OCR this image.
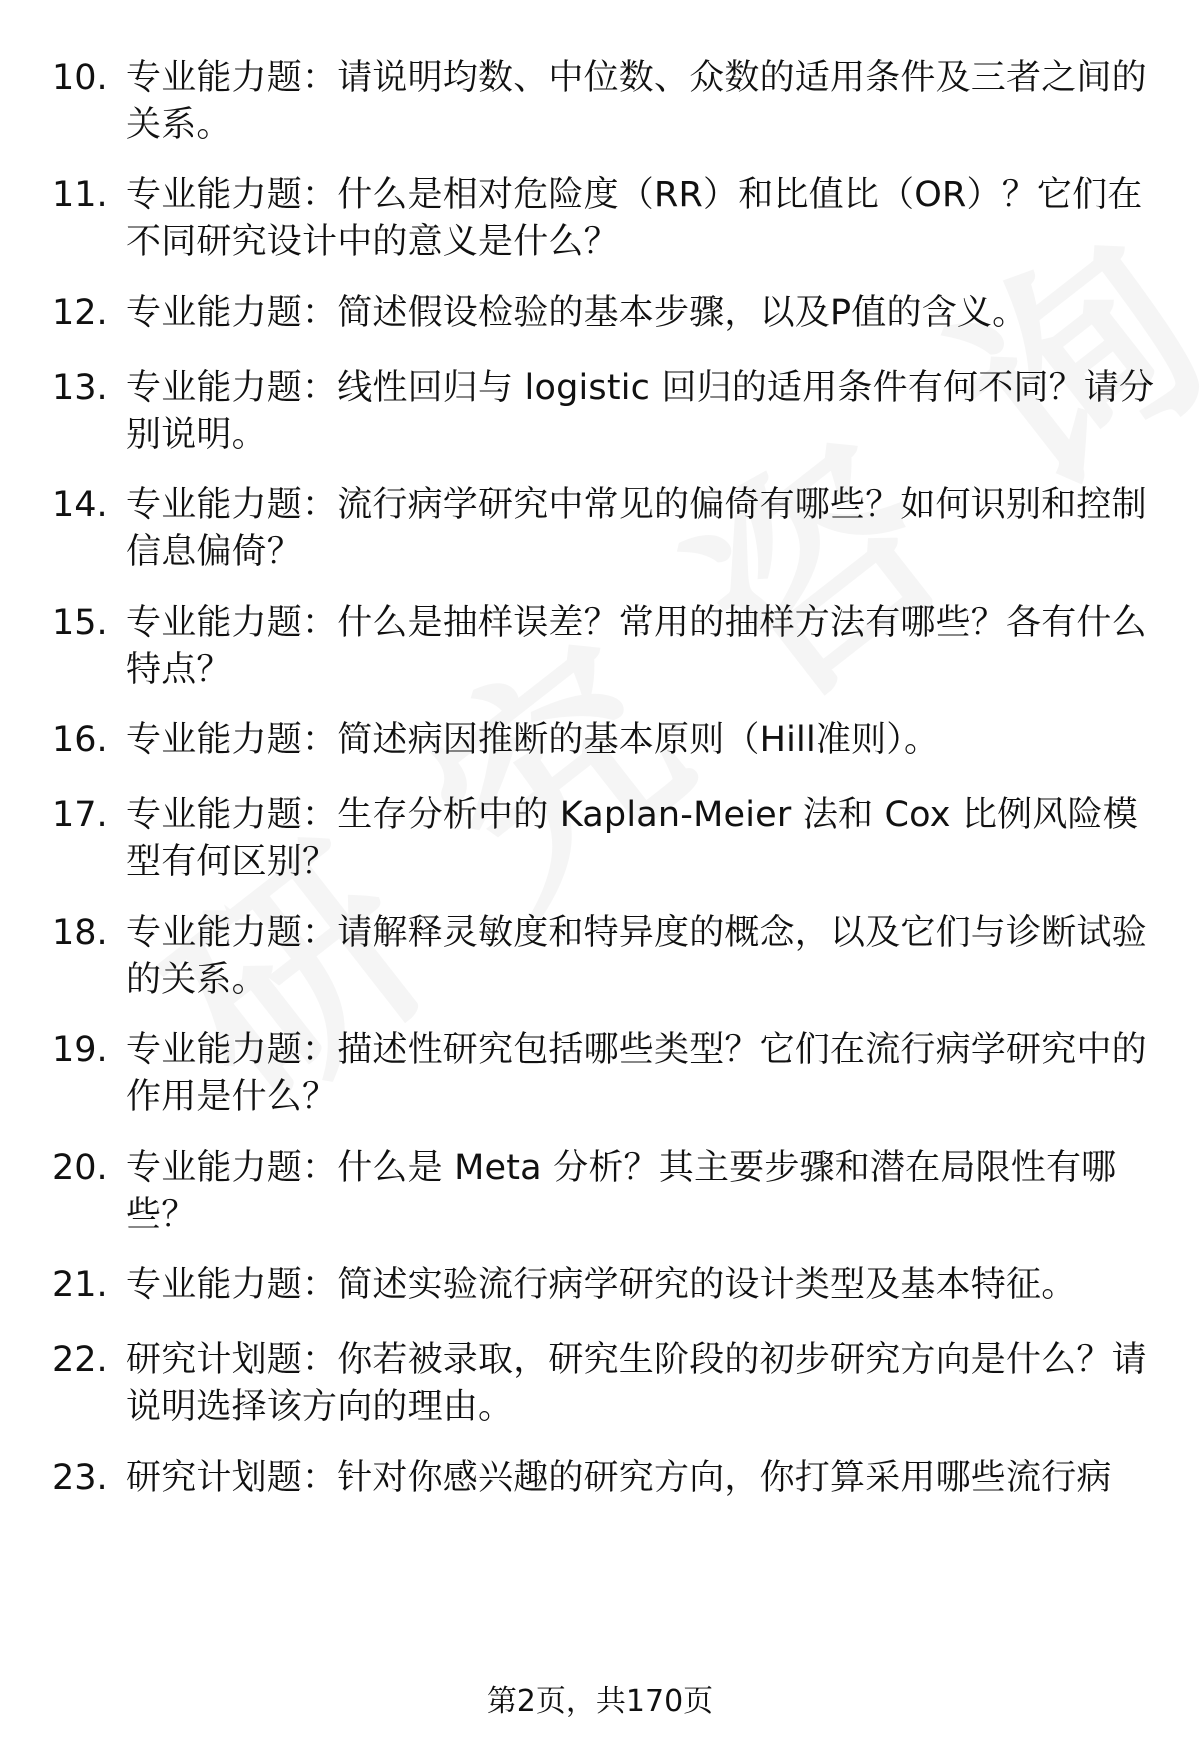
10. 专业能力题：请说明均数、中位数、众数的适用条件及三者之间的关系。
11. 专业能力题：什么是相对危险度（RR）和比值比（OR）？它们在不同研究设计中的意义是什么？
12. 专业能力题：简述假设检验的基本步骤，以及P值的含义。
13. 专业能力题：线性回归与 logistic 回归的适用条件有何不同？请分别说明。
14. 专业能力题：流行病学研究中常见的偏倚有哪些？如何识别和控制信息偏倚？
15. 专业能力题：什么是抽样误差？常用的抽样方法有哪些？各有什么特点？
16. 专业能力题：简述病因推断的基本原则（Hill准则）。
17. 专业能力题：生存分析中的 Kaplan-Meier 法和 Cox 比例风险模型有何区别？
18. 专业能力题：请解释灵敏度和特异度的概念，以及它们与诊断试验的关系。
19. 专业能力题：描述性研究包括哪些类型？它们在流行病学研究中的作用是什么？
20. 专业能力题：什么是 Meta 分析？其主要步骤和潜在局限性有哪些？
21. 专业能力题：简述实验流行病学研究的设计类型及基本特征。
22. 研究计划题：你若被录取，研究生阶段的初步研究方向是什么？请说明选择该方向的理由。
23. 研究计划题：针对你感兴趣的研究方向，你打算采用哪些流行病
第2页，共170页
